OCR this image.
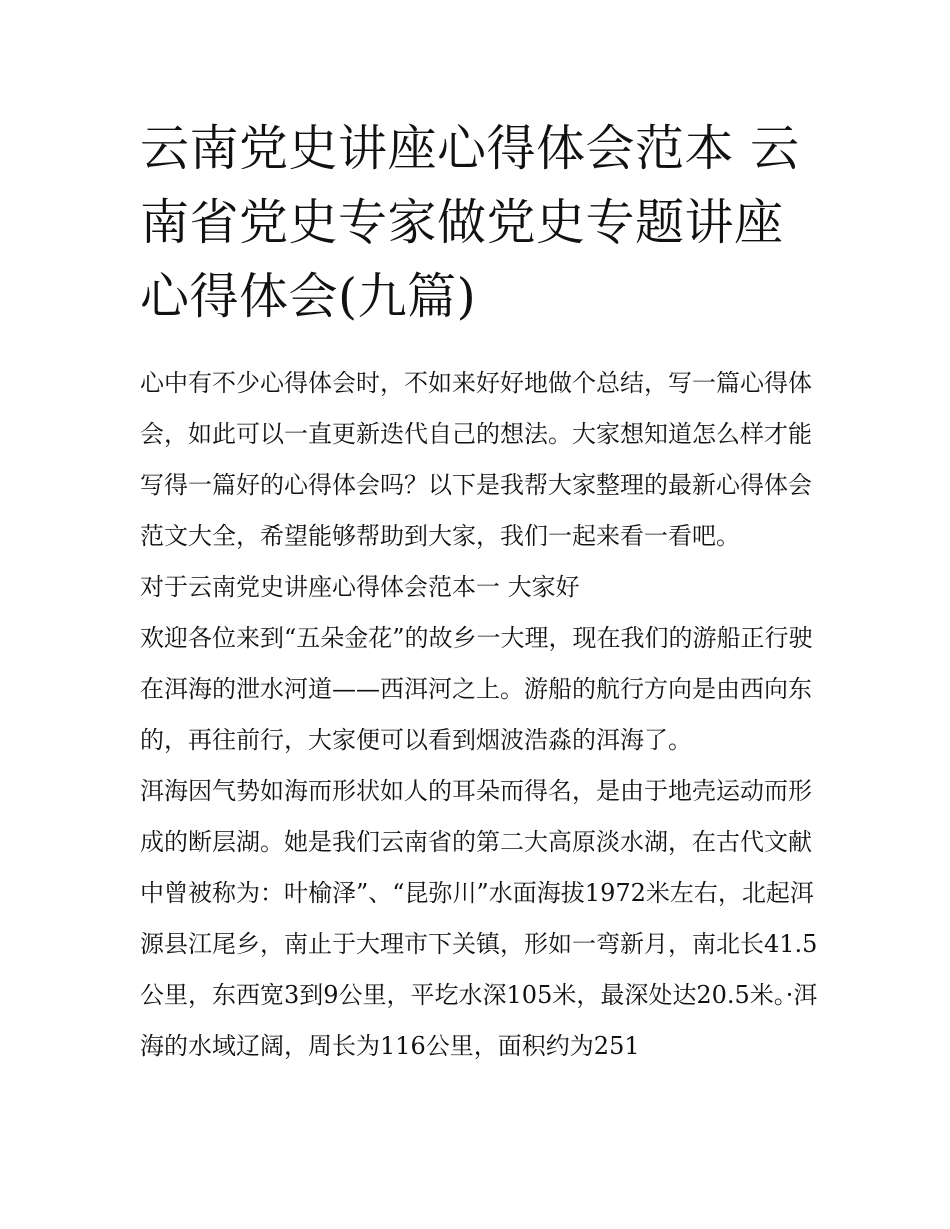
云南党史讲座心得体会范本 云南省党史专家做党史专题讲座心得体会(九篇)

心中有不少心得体会时，不如来好好地做个总结，写一篇心得体会，如此可以一直更新迭代自己的想法。大家想知道怎么样才能写得一篇好的心得体会吗？以下是我帮大家整理的最新心得体会范文大全，希望能够帮助到大家，我们一起来看一看吧。

对于云南党史讲座心得体会范本一 大家好

欢迎各位来到“五朵金花”的故乡一大理，现在我们的游船正行驶在洱海的泄水河道——西洱河之上。游船的航行方向是由西向东的，再往前行，大家便可以看到烟波浩淼的洱海了。

洱海因气势如海而形状如人的耳朵而得名，是由于地壳运动而形成的断层湖。她是我们云南省的第二大高原淡水湖，在古代文献中曾被称为：叶榆泽”、“昆弥川”水面海拔1972米左右，北起洱源县江尾乡，南止于大理市下关镇，形如一弯新月，南北长41.5公里，东西宽3到9公里，平圪水深105米，最深处达20.5米。·洱海的水域辽阔，周长为116公里，面积约为251
